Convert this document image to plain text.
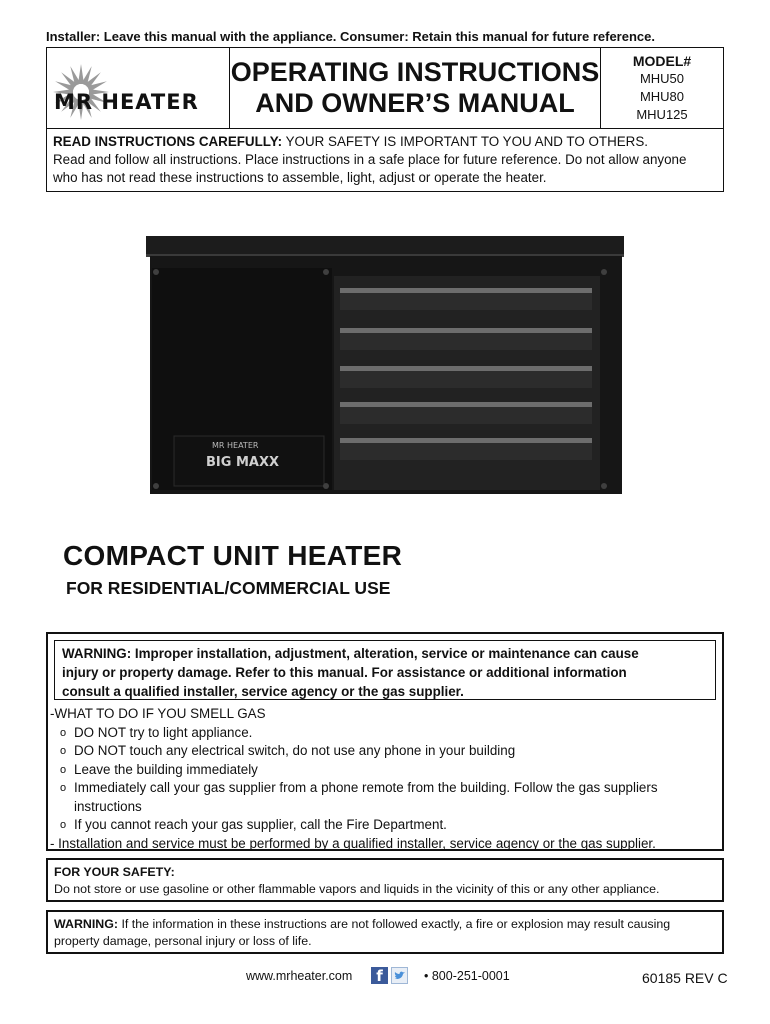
Installer: Leave this manual with the appliance. Consumer: Retain this manual for future reference.
MR HEATER
OPERATING INSTRUCTIONS
AND OWNER’S MANUAL
MODEL#
MHU50
MHU80
MHU125
READ INSTRUCTIONS CAREFULLY: YOUR SAFETY IS IMPORTANT TO YOU AND TO OTHERS.
Read and follow all instructions. Place instructions in a safe place for future reference. Do not allow anyone
who has not read these instructions to assemble, light, adjust or operate the heater.
MR HEATER
BIG MAXX
COMPACT UNIT HEATER
FOR RESIDENTIAL/COMMERCIAL USE
WARNING: Improper installation, adjustment, alteration, service or maintenance can cause
injury or property damage. Refer to this manual. For assistance or additional information
consult a qualified installer, service agency or the gas supplier.
-WHAT TO DO IF YOU SMELL GAS
o DO NOT try to light appliance.
o DO NOT touch any electrical switch, do not use any phone in your building
o Leave the building immediately
o Immediately call your gas supplier from a phone remote from the building. Follow the gas suppliers instructions
o If you cannot reach your gas supplier, call the Fire Department.
- Installation and service must be performed by a qualified installer, service agency or the gas supplier.
FOR YOUR SAFETY:
Do not store or use gasoline or other flammable vapors and liquids in the vicinity of this or any other appliance.
WARNING: If the information in these instructions are not followed exactly, a fire or explosion may result causing property damage, personal injury or loss of life.
www.mrheater.com	f	• 800-251-0001	60185 REV C
